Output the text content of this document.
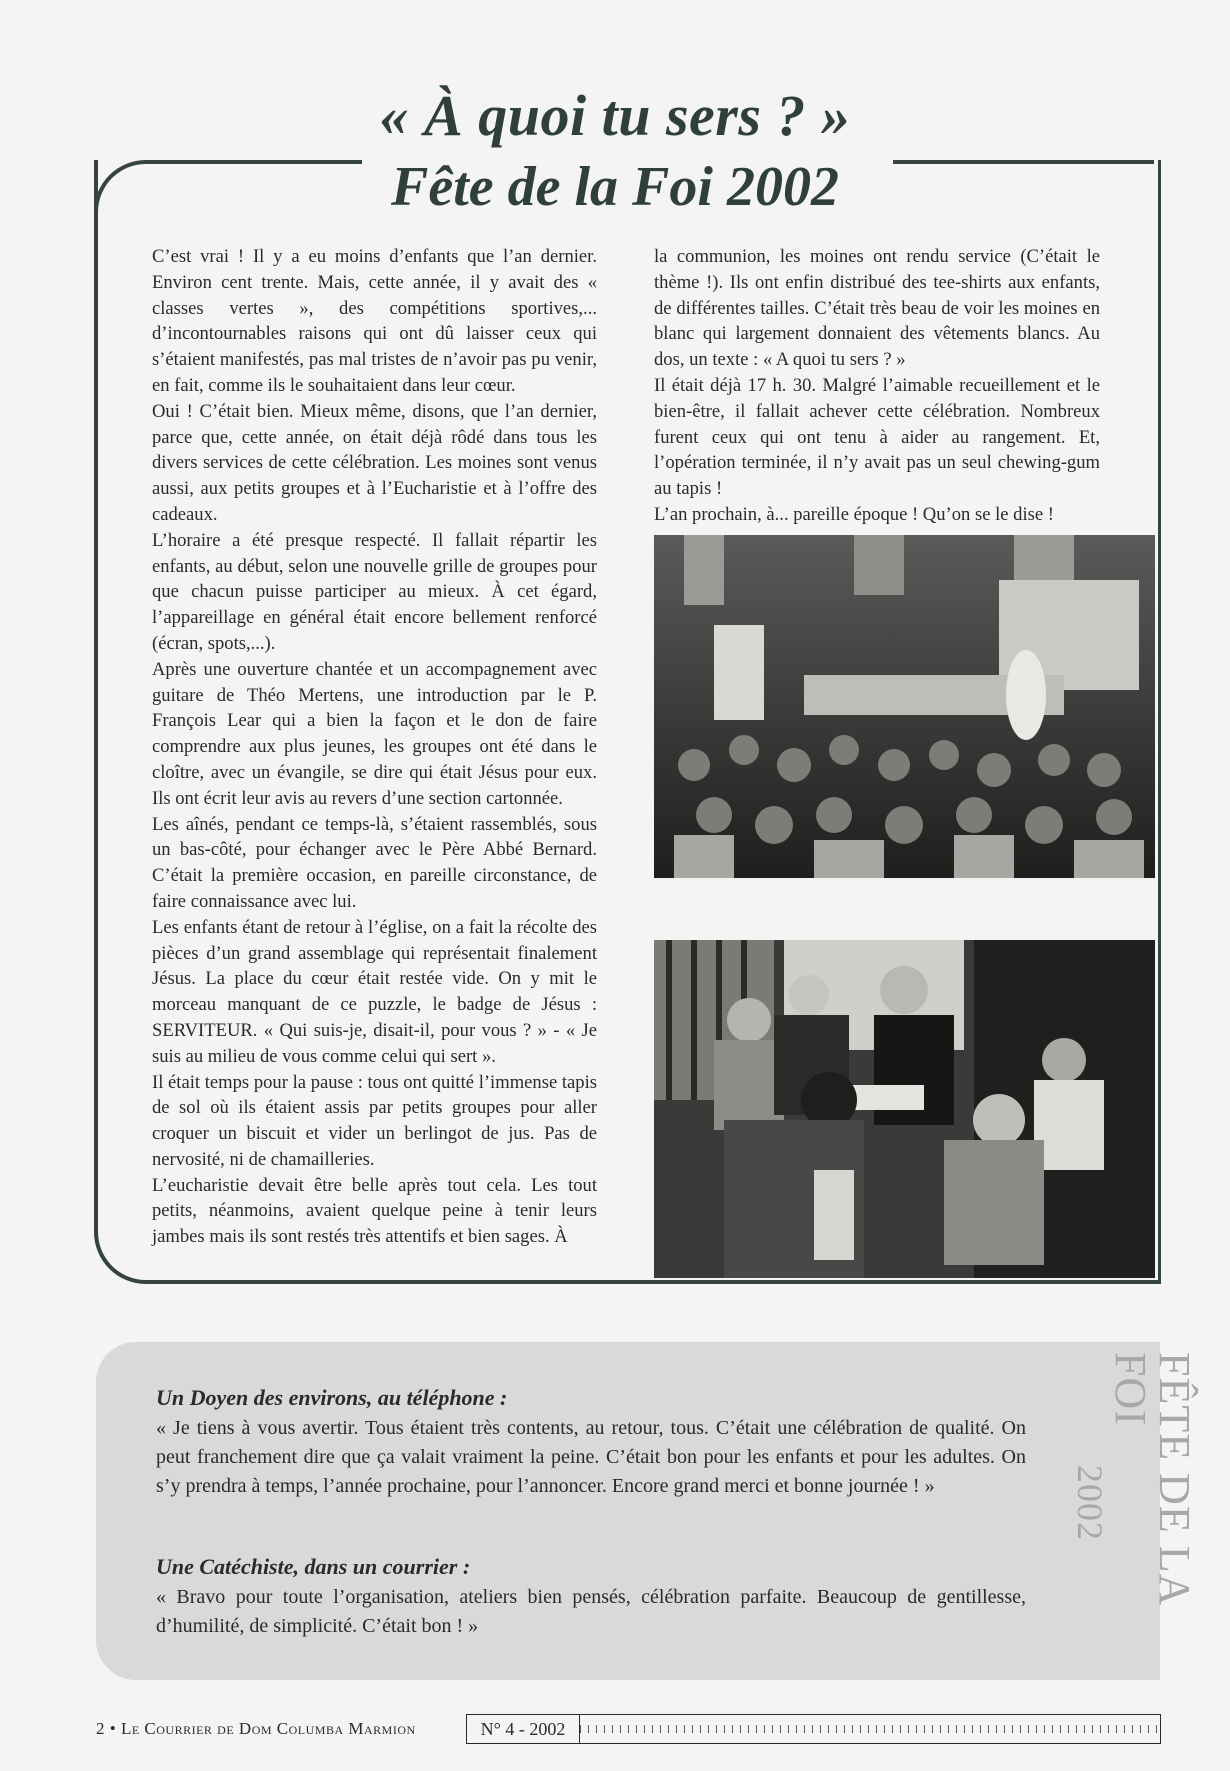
« À quoi tu sers ? »
Fête de la Foi 2002

C’est vrai ! Il y a eu moins d’enfants que l’an dernier. Environ cent trente. Mais, cette année, il y avait des « classes vertes », des compétitions sportives,... d’incontournables raisons qui ont dû laisser ceux qui s’étaient manifestés, pas mal tristes de n’avoir pas pu venir, en fait, comme ils le souhaitaient dans leur cœur.

Oui ! C’était bien. Mieux même, disons, que l’an dernier, parce que, cette année, on était déjà rôdé dans tous les divers services de cette célébration. Les moines sont venus aussi, aux petits groupes et à l’Eucharistie et à l’offre des cadeaux.

L’horaire a été presque respecté. Il fallait répartir les enfants, au début, selon une nouvelle grille de groupes pour que chacun puisse participer au mieux. À cet égard, l’appareillage en général était encore bellement renforcé (écran, spots,...).

Après une ouverture chantée et un accompagnement avec guitare de Théo Mertens, une introduction par le P. François Lear qui a bien la façon et le don de faire comprendre aux plus jeunes, les groupes ont été dans le cloître, avec un évangile, se dire qui était Jésus pour eux. Ils ont écrit leur avis au revers d’une section cartonnée.

Les aînés, pendant ce temps-là, s’étaient rassemblés, sous un bas-côté, pour échanger avec le Père Abbé Bernard. C’était la première occasion, en pareille circonstance, de faire connaissance avec lui.

Les enfants étant de retour à l’église, on a fait la récolte des pièces d’un grand assemblage qui représentait finalement Jésus. La place du cœur était restée vide. On y mit le morceau manquant de ce puzzle, le badge de Jésus : SERVITEUR. « Qui suis-je, disait-il, pour vous ? » - « Je suis au milieu de vous comme celui qui sert ».

Il était temps pour la pause : tous ont quitté l’immense tapis de sol où ils étaient assis par petits groupes pour aller croquer un biscuit et vider un berlingot de jus. Pas de nervosité, ni de chamailleries.

L’eucharistie devait être belle après tout cela. Les tout petits, néanmoins, avaient quelque peine à tenir leurs jambes mais ils sont restés très attentifs et bien sages. À

la communion, les moines ont rendu service (C’était le thème !). Ils ont enfin distribué des tee-shirts aux enfants, de différentes tailles. C’était très beau de voir les moines en blanc qui largement donnaient des vêtements blancs. Au dos, un texte : « A quoi tu sers ? »

Il était déjà 17 h. 30. Malgré l’aimable recueillement et le bien-être, il fallait achever cette célébration. Nombreux furent ceux qui ont tenu à aider au rangement. Et, l’opération terminée, il n’y avait pas un seul chewing-gum au tapis !

L’an prochain, à... pareille époque ! Qu’on se le dise !

Un Doyen des environs, au téléphone :
« Je tiens à vous avertir. Tous étaient très contents, au retour, tous. C’était une célébration de qualité. On peut franchement dire que ça valait vraiment la peine. C’était bon pour les enfants et pour les adultes. On s’y prendra à temps, l’année prochaine, pour l’annoncer. Encore grand merci et bonne journée ! »
Une Catéchiste, dans un courrier :
« Bravo pour toute l’organisation, ateliers bien pensés, célébration parfaite. Beaucoup de gentillesse, d’humilité, de simplicité. C’était bon ! »
FÊTE DE LA FOI
2002
2 • Le Courrier de Dom Columba Marmion	N° 4 - 2002
